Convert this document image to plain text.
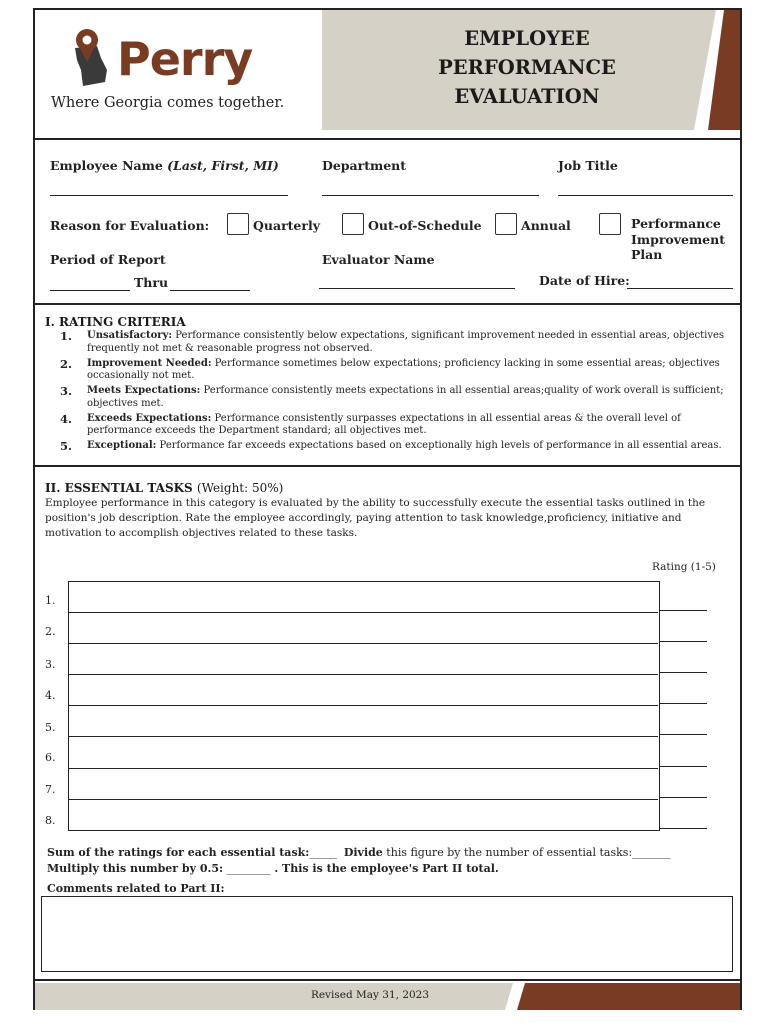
Perry
Where Georgia comes together.
EMPLOYEE
PERFORMANCE
EVALUATION
Employee Name (Last, First, MI)	Department	Job Title
Reason for Evaluation:	Quarterly	Out-of-Schedule	Annual	Performance Improvement Plan
Period of Report
Thru
Evaluator Name
Date of Hire:
I. RATING CRITERIA
1. Unsatisfactory: Performance consistently below expectations, significant improvement needed in essential areas, objectives frequently not met & reasonable progress not observed.
2. Improvement Needed: Performance sometimes below expectations; proficiency lacking in some essential areas; objectives occasionally not met.
3. Meets Expectations: Performance consistently meets expectations in all essential areas;quality of work overall is sufficient; objectives met.
4. Exceeds Expectations: Performance consistently surpasses expectations in all essential areas & the overall level of performance exceeds the Department standard; all objectives met.
5. Exceptional: Performance far exceeds expectations based on exceptionally high levels of performance in all essential areas.
II. ESSENTIAL TASKS (Weight: 50%)
Employee performance in this category is evaluated by the ability to successfully execute the essential tasks outlined in the position's job description. Rate the employee accordingly, paying attention to task knowledge,proficiency, initiative and motivation to accomplish objectives related to these tasks.
Rating (1-5)
1.
2.
3.
4.
5.
6.
7.
8.
Sum of the ratings for each essential task:_____ Divide this figure by the number of essential tasks:_______
Multiply this number by 0.5: ________ . This is the employee's Part II total.
Comments related to Part II:
Revised May 31, 2023
